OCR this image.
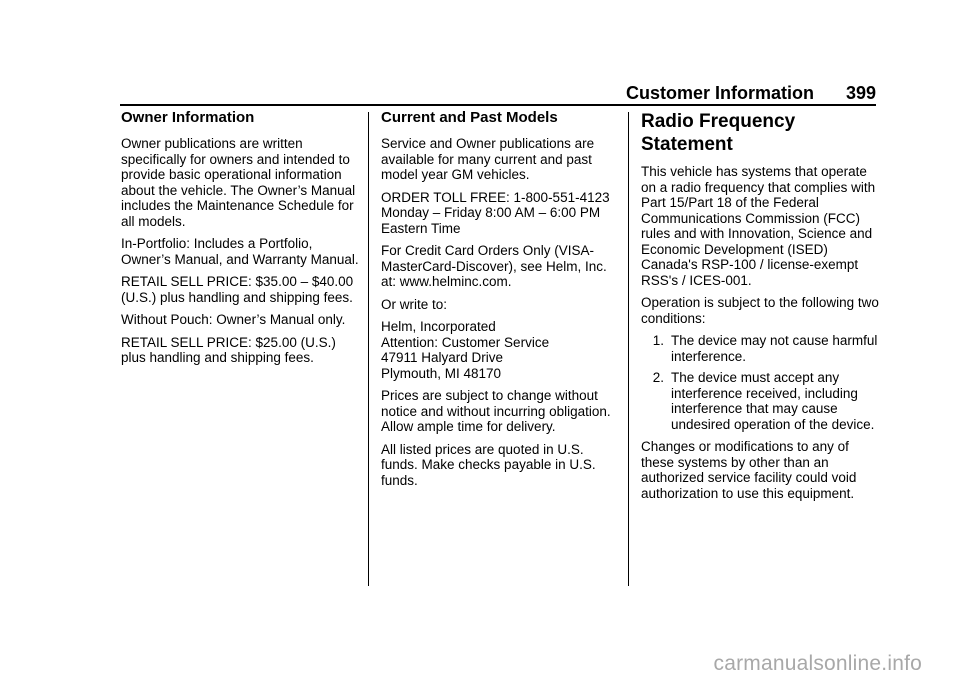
Customer Information	399
Owner Information

Owner publications are written specifically for owners and intended to provide basic operational information about the vehicle. The Owner’s Manual includes the Maintenance Schedule for all models.

In-Portfolio: Includes a Portfolio, Owner’s Manual, and Warranty Manual.

RETAIL SELL PRICE: $35.00 – $40.00 (U.S.) plus handling and shipping fees.

Without Pouch: Owner’s Manual only.

RETAIL SELL PRICE: $25.00 (U.S.) plus handling and shipping fees.

Current and Past Models

Service and Owner publications are available for many current and past model year GM vehicles.

ORDER TOLL FREE: 1-800-551-4123 Monday – Friday 8:00 AM – 6:00 PM Eastern Time

For Credit Card Orders Only (VISA-MasterCard-Discover), see Helm, Inc. at: www.helminc.com.

Or write to:

Helm, Incorporated

Attention: Customer Service

47911 Halyard Drive

Plymouth, MI 48170

Prices are subject to change without notice and without incurring obligation. Allow ample time for delivery.

All listed prices are quoted in U.S. funds. Make checks payable in U.S. funds.

Radio Frequency Statement

This vehicle has systems that operate on a radio frequency that complies with Part 15/Part 18 of the Federal Communications Commission (FCC) rules and with Innovation, Science and Economic Development (ISED) Canada's RSP-100 / license-exempt RSS's / ICES-001.

Operation is subject to the following two conditions:

1. The device may not cause harmful interference.
2. The device must accept any interference received, including interference that may cause undesired operation of the device.

Changes or modifications to any of these systems by other than an authorized service facility could void authorization to use this equipment.

carmanualsonline.info
